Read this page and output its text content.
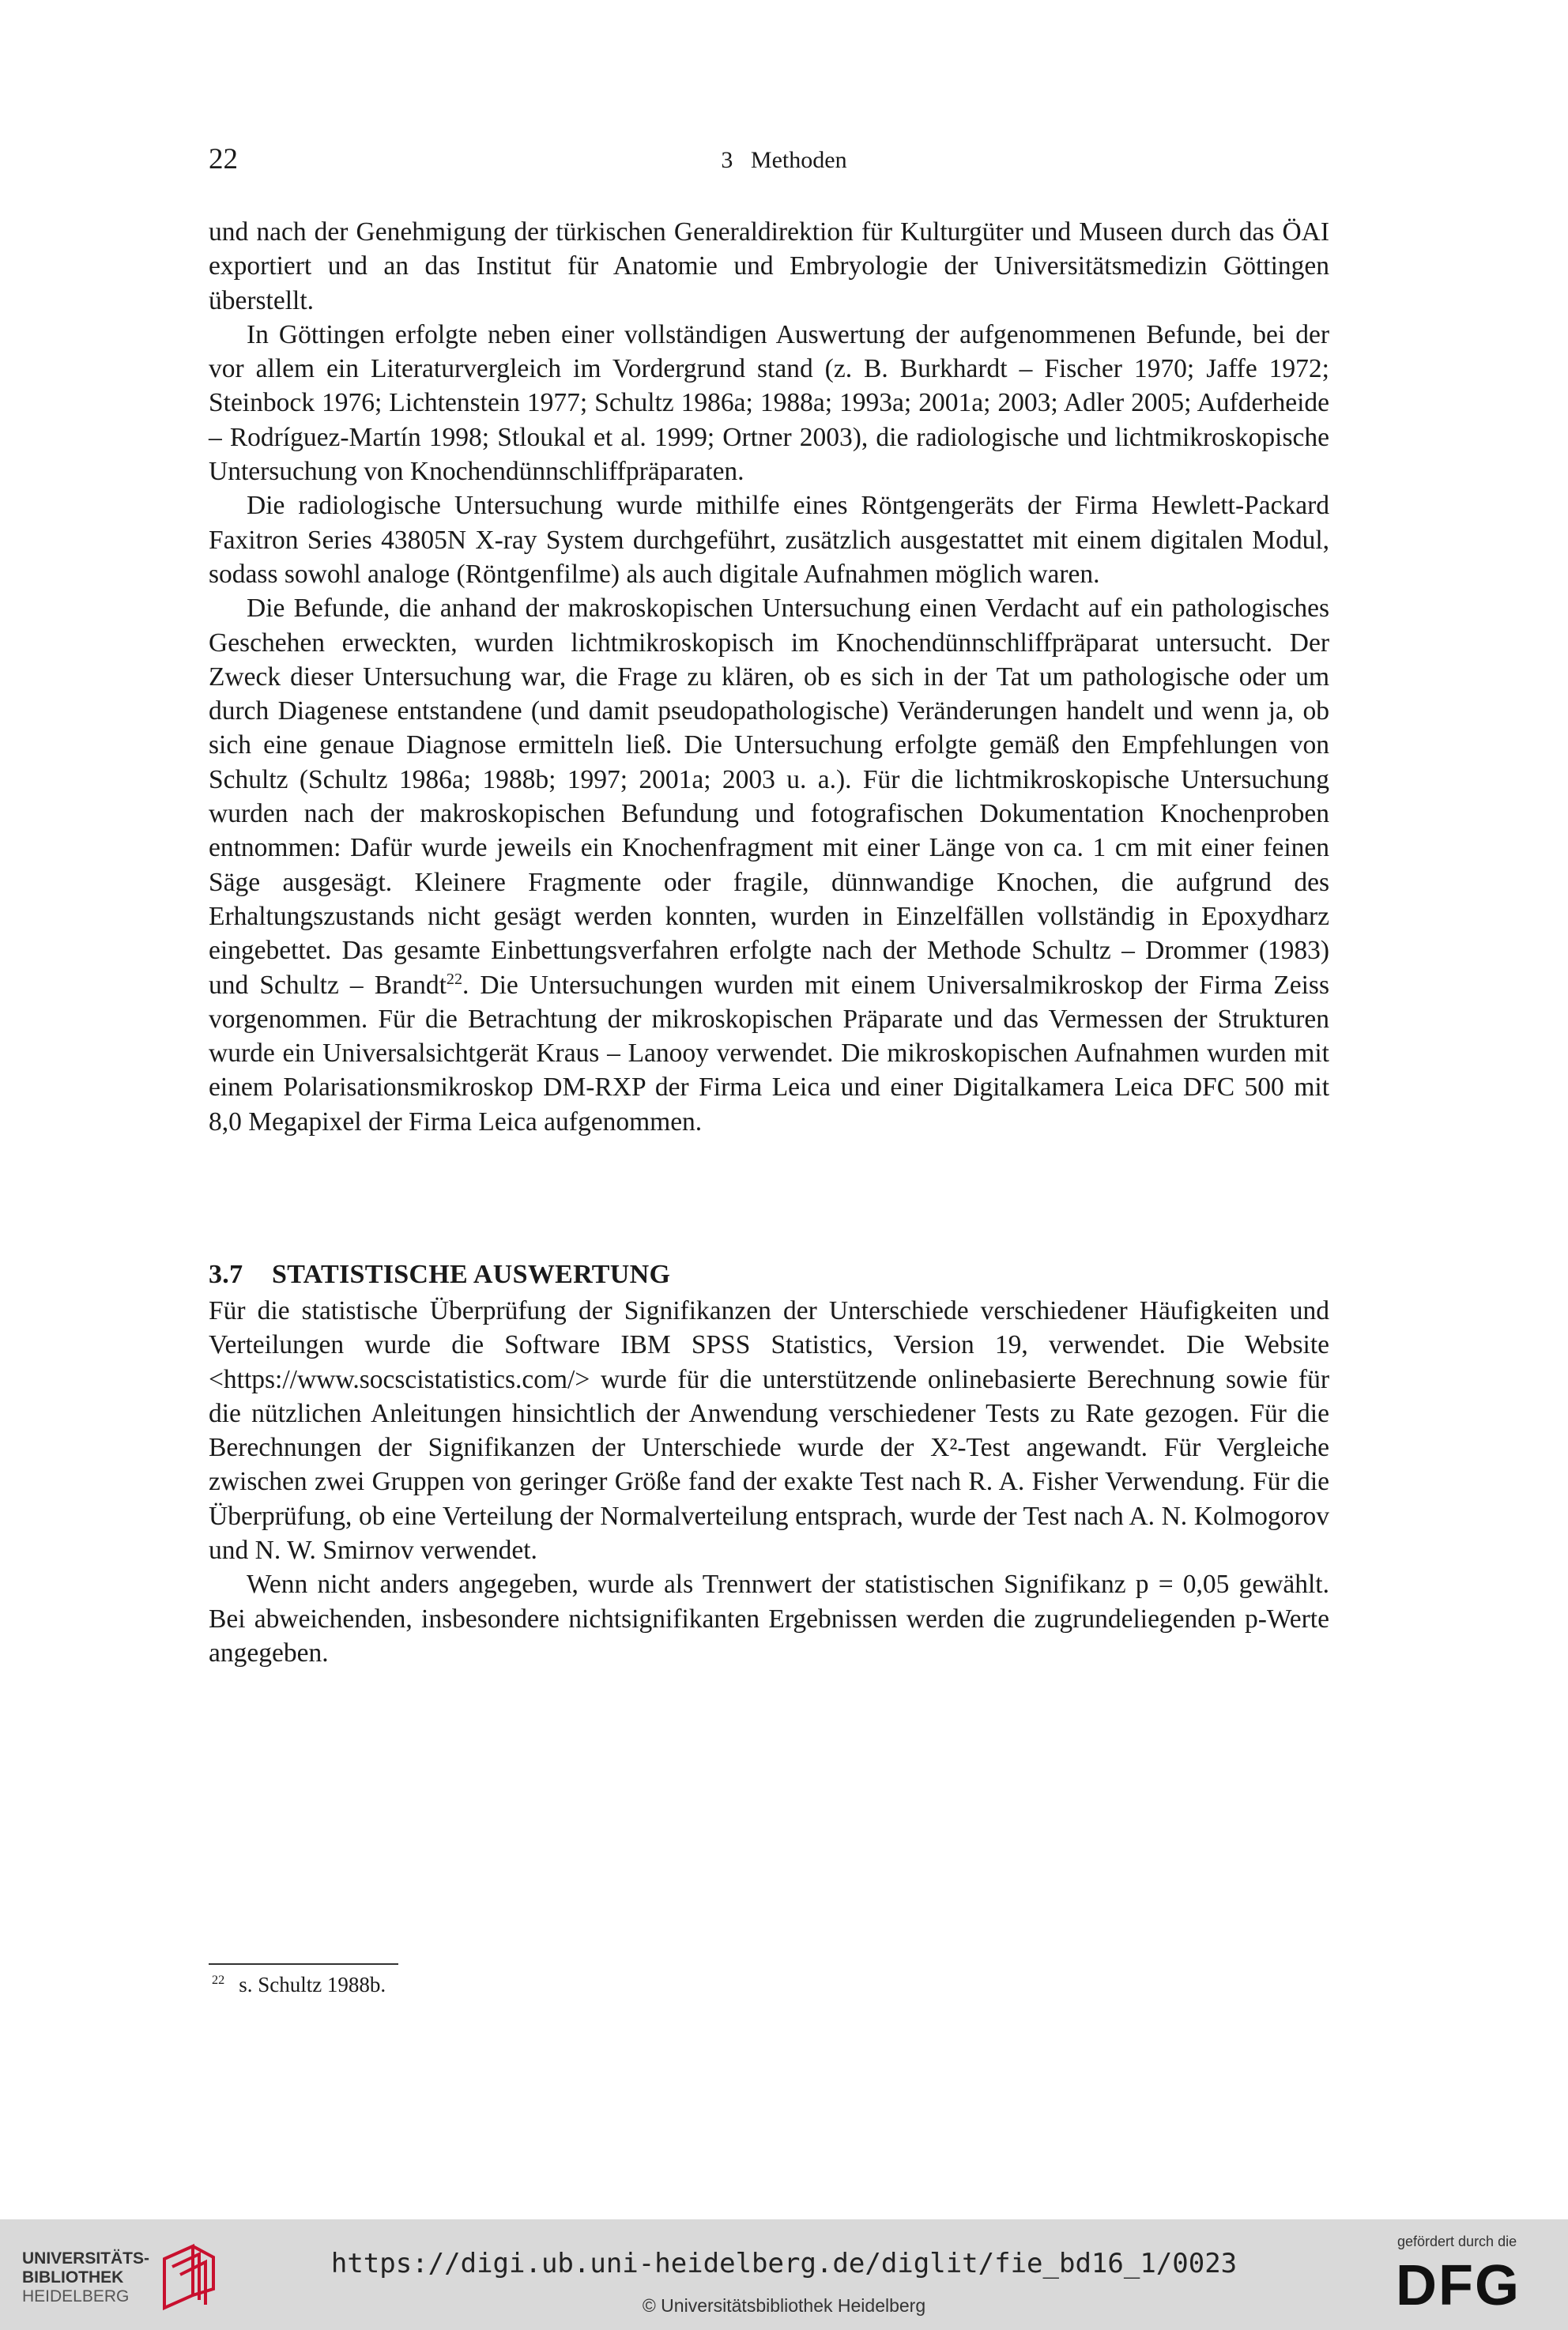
22	3   Methoden

und nach der Genehmigung der türkischen Generaldirektion für Kulturgüter und Museen durch das ÖAI exportiert und an das Institut für Anatomie und Embryologie der Universitätsmedizin Göttingen überstellt.

In Göttingen erfolgte neben einer vollständigen Auswertung der aufgenommenen Befunde, bei der vor allem ein Literaturvergleich im Vordergrund stand (z. B. Burkhardt – Fischer 1970; Jaffe 1972; Steinbock 1976; Lichtenstein 1977; Schultz 1986a; 1988a; 1993a; 2001a; 2003; Adler 2005; Aufderheide – Rodríguez-Martín 1998; Stloukal et al. 1999; Ortner 2003), die radiologische und lichtmikroskopische Untersuchung von Knochendünnschliffpräparaten.

Die radiologische Untersuchung wurde mithilfe eines Röntgengeräts der Firma Hewlett-Packard Faxitron Series 43805N X-ray System durchgeführt, zusätzlich ausgestattet mit einem digitalen Modul, sodass sowohl analoge (Röntgenfilme) als auch digitale Aufnahmen möglich waren.

Die Befunde, die anhand der makroskopischen Untersuchung einen Verdacht auf ein pathologisches Geschehen erweckten, wurden lichtmikroskopisch im Knochendünnschliffpräparat untersucht. Der Zweck dieser Untersuchung war, die Frage zu klären, ob es sich in der Tat um pathologische oder um durch Diagenese entstandene (und damit pseudopathologische) Veränderungen handelt und wenn ja, ob sich eine genaue Diagnose ermitteln ließ. Die Untersuchung erfolgte gemäß den Empfehlungen von Schultz (Schultz 1986a; 1988b; 1997; 2001a; 2003 u. a.). Für die lichtmikroskopische Untersuchung wurden nach der makroskopischen Befundung und fotografischen Dokumentation Knochenproben entnommen: Dafür wurde jeweils ein Knochenfragment mit einer Länge von ca. 1 cm mit einer feinen Säge ausgesägt. Kleinere Fragmente oder fragile, dünnwandige Knochen, die aufgrund des Erhaltungszustands nicht gesägt werden konnten, wurden in Einzelfällen vollständig in Epoxydharz eingebettet. Das gesamte Einbettungsverfahren erfolgte nach der Methode Schultz – Drommer (1983) und Schultz – Brandt$^{22}$. Die Untersuchungen wurden mit einem Universalmikroskop der Firma Zeiss vorgenommen. Für die Betrachtung der mikroskopischen Präparate und das Vermessen der Strukturen wurde ein Universalsichtgerät Kraus – Lanooy verwendet. Die mikroskopischen Aufnahmen wurden mit einem Polarisationsmikroskop DM-RXP der Firma Leica und einer Digitalkamera Leica DFC 500 mit 8,0 Megapixel der Firma Leica aufgenommen.

3.7 STATISTISCHE AUSWERTUNG

Für die statistische Überprüfung der Signifikanzen der Unterschiede verschiedener Häufigkeiten und Verteilungen wurde die Software IBM SPSS Statistics, Version 19, verwendet. Die Website <https://www.socscistatistics.com/> wurde für die unterstützende onlinebasierte Berechnung sowie für die nützlichen Anleitungen hinsichtlich der Anwendung verschiedener Tests zu Rate gezogen. Für die Berechnungen der Signifikanzen der Unterschiede wurde der X²-Test angewandt. Für Vergleiche zwischen zwei Gruppen von geringer Größe fand der exakte Test nach R. A. Fisher Verwendung. Für die Überprüfung, ob eine Verteilung der Normalverteilung entsprach, wurde der Test nach A. N. Kolmogorov und N. W. Smirnov verwendet.

Wenn nicht anders angegeben, wurde als Trennwert der statistischen Signifikanz p = 0,05 gewählt. Bei abweichenden, insbesondere nichtsignifikanten Ergebnissen werden die zugrundeliegenden p-Werte angegeben.

$^{22}$ s. Schultz 1988b.
UNIVERSITÄTS-
BIBLIOTHEK
HEIDELBERG
https://digi.ub.uni-heidelberg.de/diglit/fie_bd16_1/0023
© Universitätsbibliothek Heidelberg
gefördert durch die
DFG
